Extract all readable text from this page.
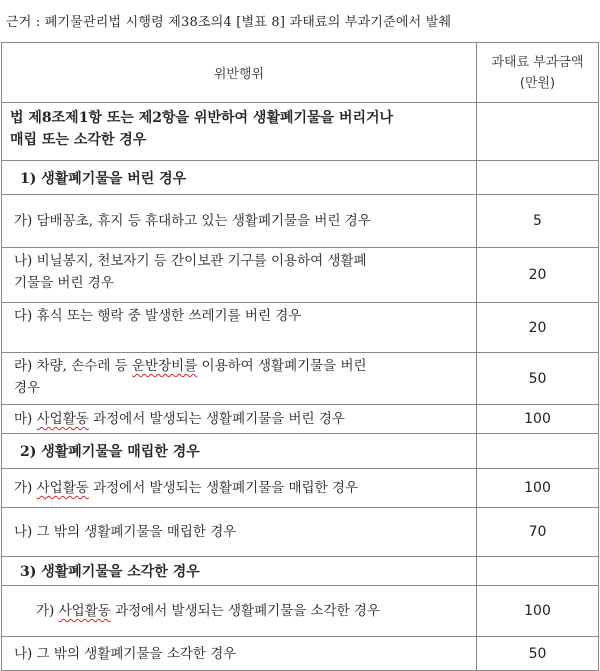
근거 : 폐기물관리법 시행령 제38조의4 [별표 8] 과태료의 부과기준에서 발췌
위반행위	과태료 부과금액
(만원)

법 제8조제1항 또는 제2항을 위반하여 생활폐기물을 버리거나
매립 또는 소각한 경우	

1) 생활폐기물을 버린 경우	
가) 담배꽁초, 휴지 등 휴대하고 있는 생활폐기물을 버린 경우	5

나) 비닐봉지, 천보자기 등 간이보관 기구를 이용하여 생활폐
기물을 버린 경우	20
다) 휴식 또는 행락 중 발생한 쓰레기를 버린 경우	20

라) 차량, 손수레 등 운반장비를 이용하여 생활폐기물을 버린
경우	50
마) 사업활동 과정에서 발생되는 생활폐기물을 버린 경우	100
2) 생활폐기물을 매립한 경우	
가) 사업활동 과정에서 발생되는 생활폐기물을 매립한 경우	100
나) 그 밖의 생활폐기물을 매립한 경우	70
3) 생활폐기물을 소각한 경우	
가) 사업활동 과정에서 발생되는 생활폐기물을 소각한 경우	100
나) 그 밖의 생활폐기물을 소각한 경우	50
